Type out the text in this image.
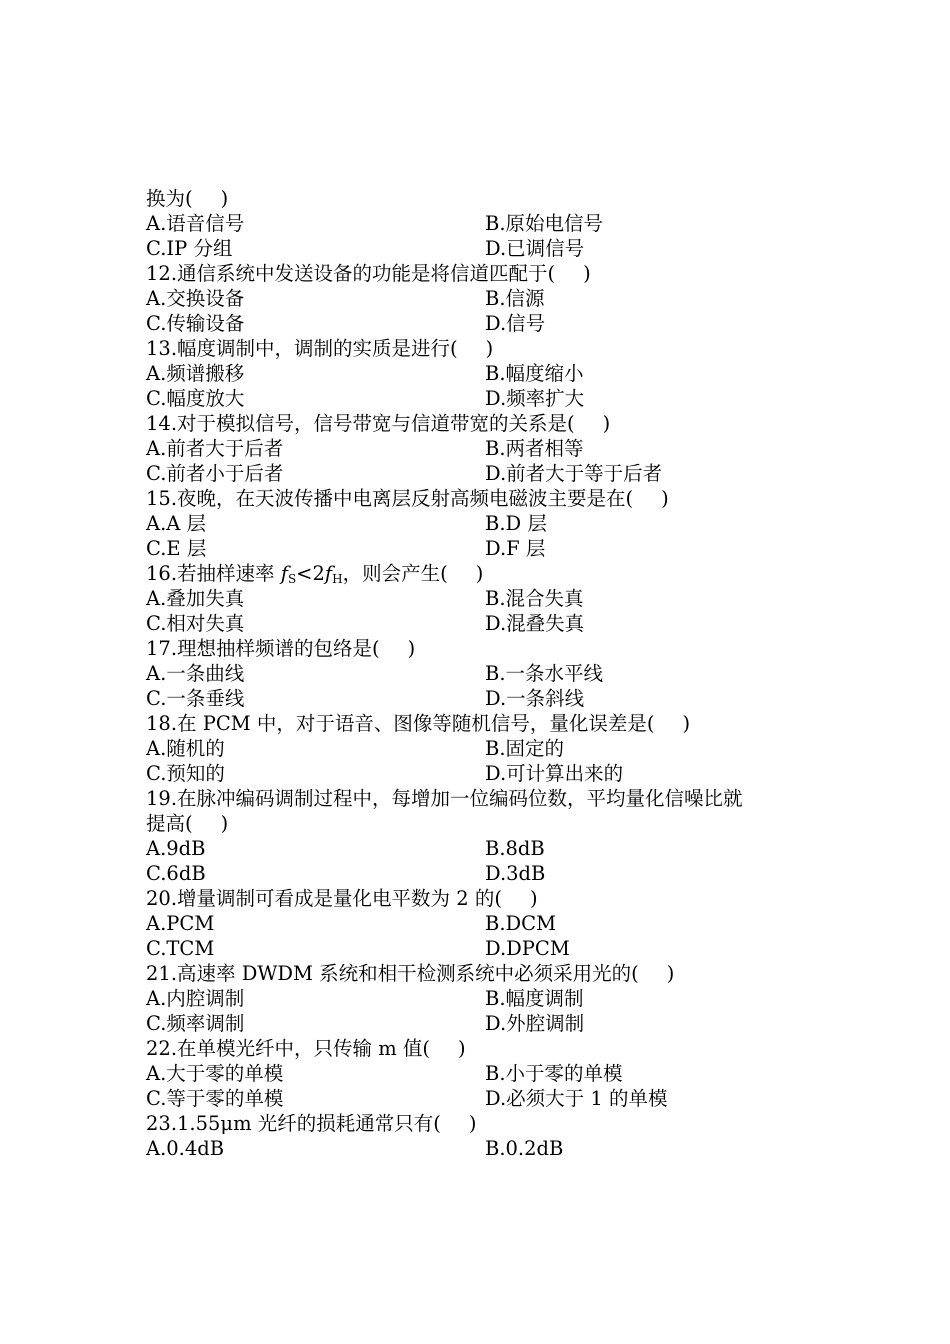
换为( )
A.语音信号	B.原始电信号
C.IP 分组	D.已调信号
12.通信系统中发送设备的功能是将信道匹配于( )
A.交换设备	B.信源
C.传输设备	D.信号
13.幅度调制中，调制的实质是进行( )
A.频谱搬移	B.幅度缩小
C.幅度放大	D.频率扩大
14.对于模拟信号，信号带宽与信道带宽的关系是( )
A.前者大于后者	B.两者相等
C.前者小于后者	D.前者大于等于后者
15.夜晚，在天波传播中电离层反射高频电磁波主要是在( )
A.A 层	B.D 层
C.E 层	D.F 层
16.若抽样速率 $f_S<2f_H$，则会产生( )
A.叠加失真	B.混合失真
C.相对失真	D.混叠失真
17.理想抽样频谱的包络是( )
A.一条曲线	B.一条水平线
C.一条垂线	D.一条斜线
18.在 PCM 中，对于语音、图像等随机信号，量化误差是( )
A.随机的	B.固定的
C.预知的	D.可计算出来的
19.在脉冲编码调制过程中，每增加一位编码位数，平均量化信噪比就
提高( )
A.9dB	B.8dB
C.6dB	D.3dB
20.增量调制可看成是量化电平数为 2 的( )
A.PCM	B.DCM
C.TCM	D.DPCM
21.高速率 DWDM 系统和相干检测系统中必须采用光的( )
A.内腔调制	B.幅度调制
C.频率调制	D.外腔调制
22.在单模光纤中，只传输 m 值( )
A.大于零的单模	B.小于零的单模
C.等于零的单模	D.必须大于 1 的单模
23.1.55μm 光纤的损耗通常只有( )
A.0.4dB	B.0.2dB
